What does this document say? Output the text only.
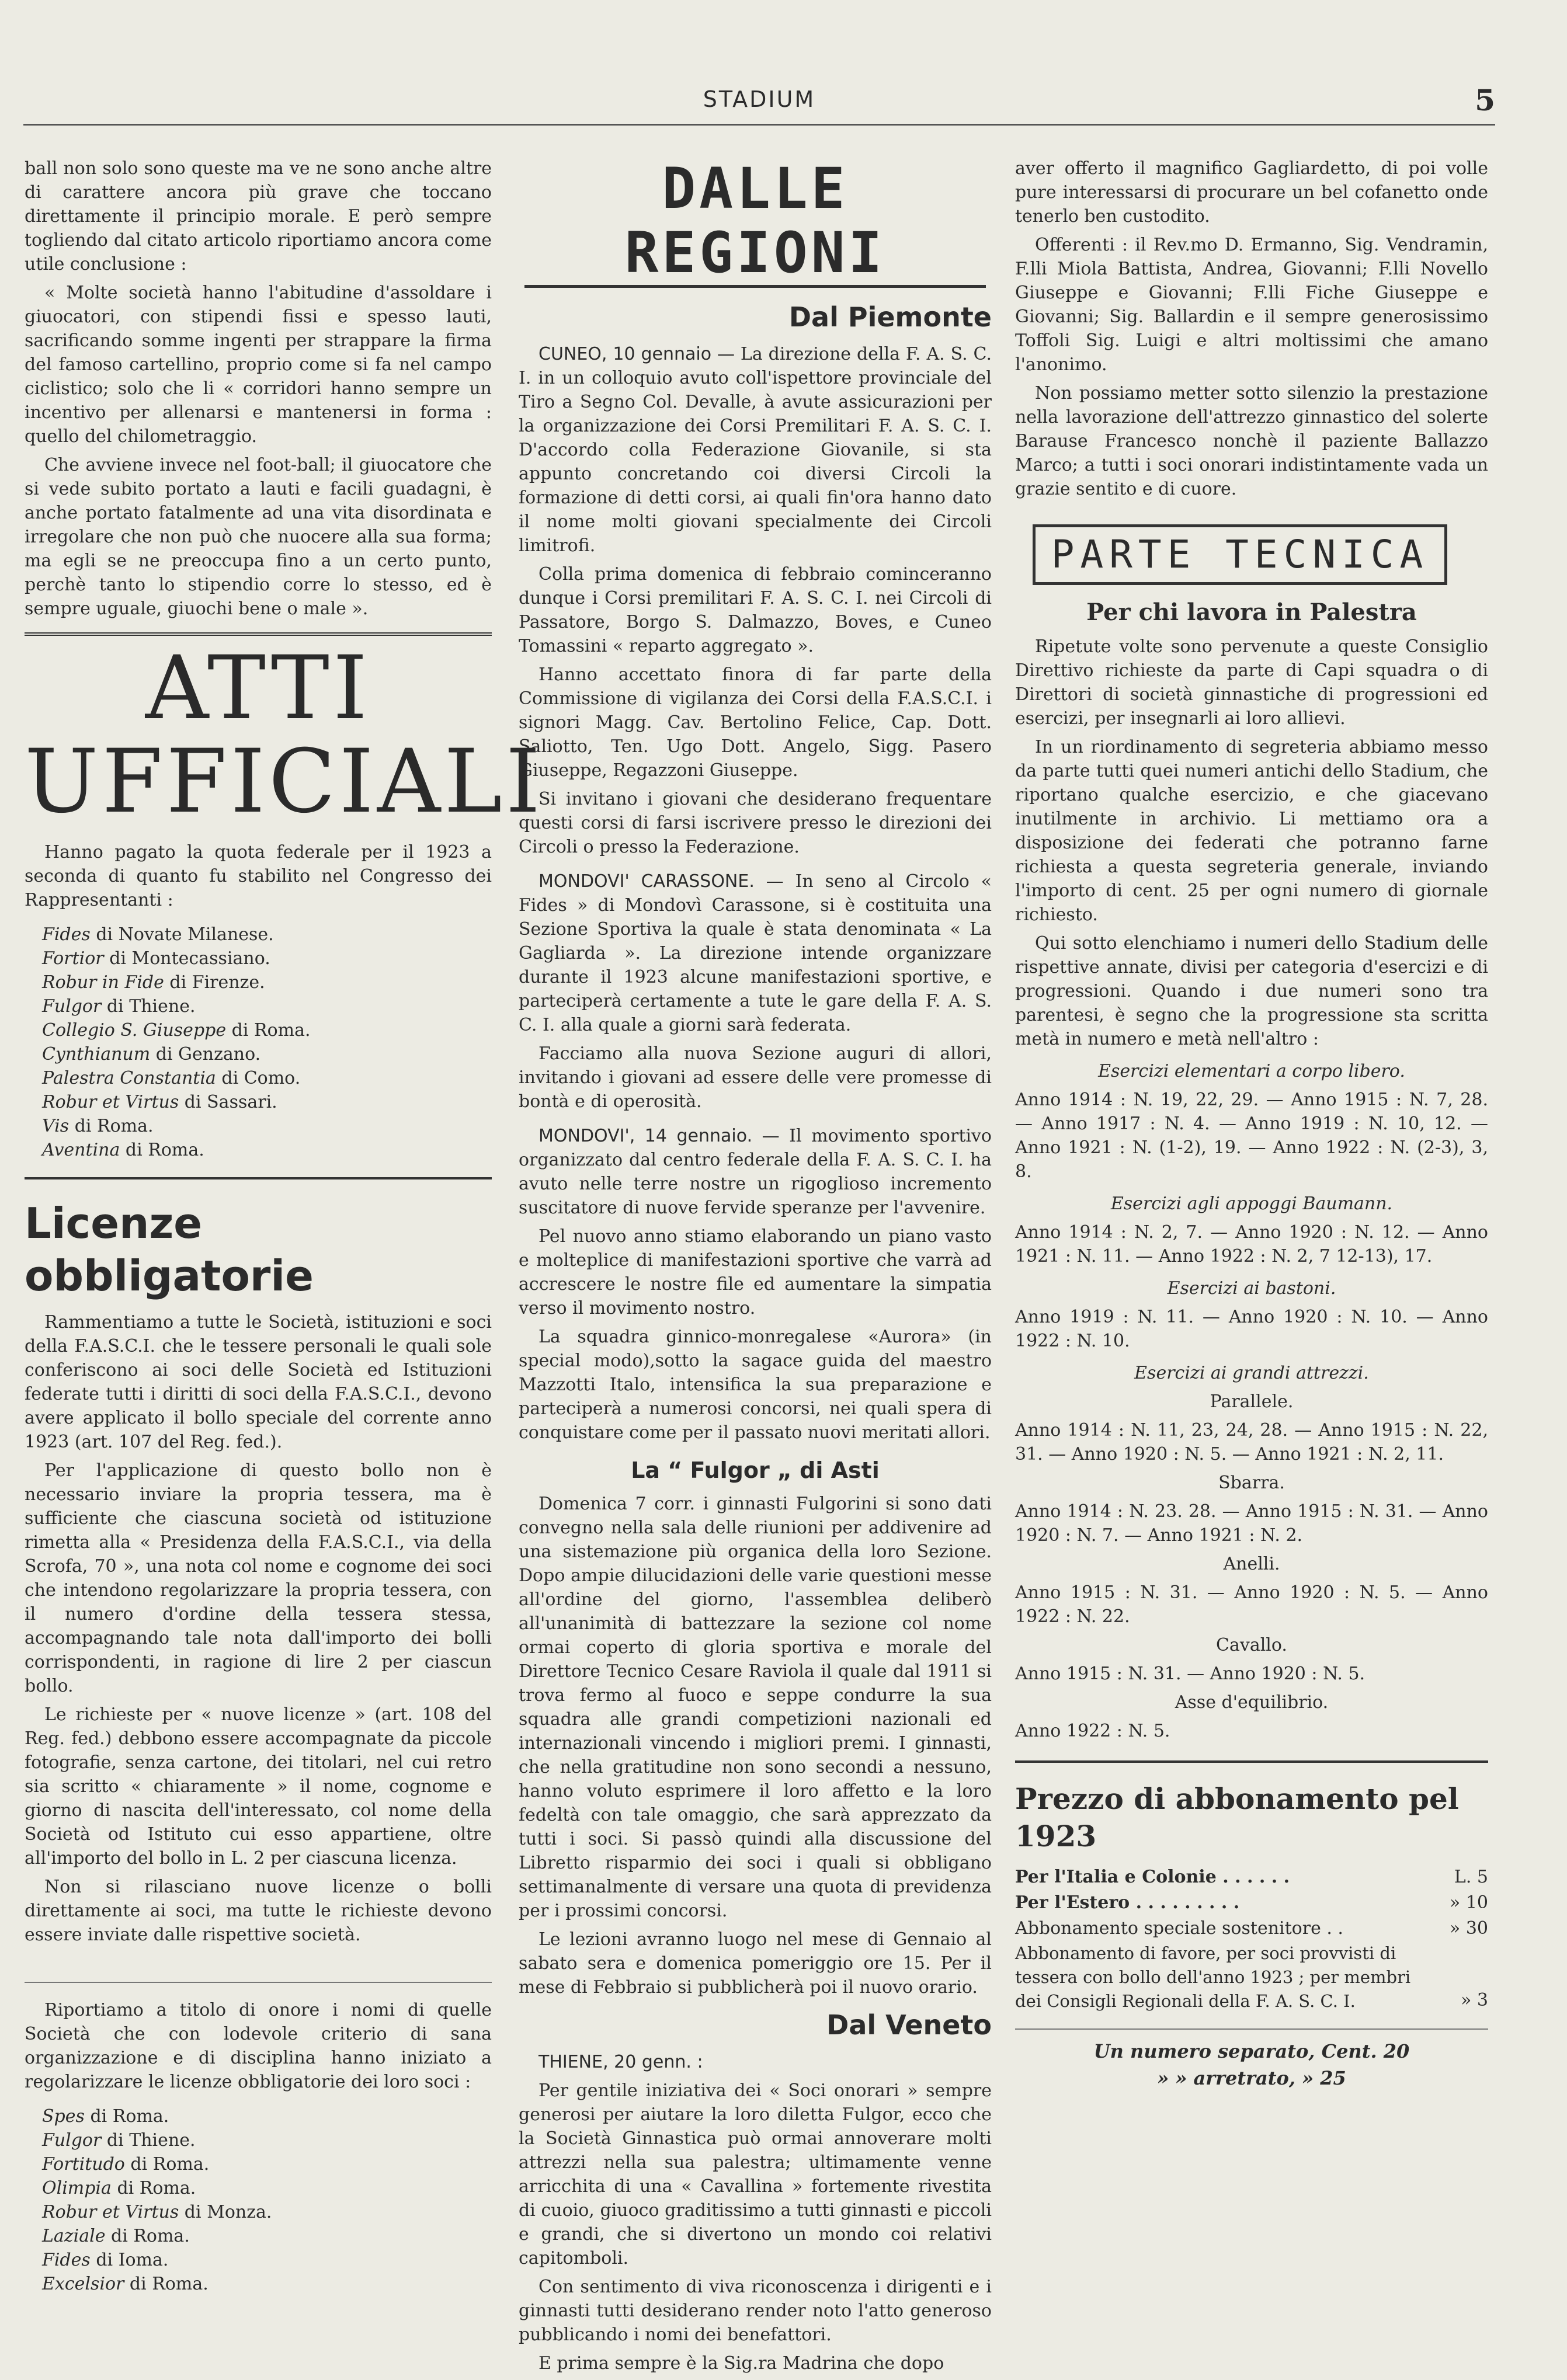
STADIUM	5

ball non solo sono queste ma ve ne sono anche altre di carattere ancora più grave che toccano direttamente il principio morale. E però sempre togliendo dal citato articolo riportiamo ancora come utile conclusione :

« Molte società hanno l'abitudine d'assoldare i giuocatori, con stipendi fissi e spesso lauti, sacrificando somme ingenti per strappare la firma del famoso cartellino, proprio come si fa nel campo ciclistico; solo che li « corridori hanno sempre un incentivo per allenarsi e mantenersi in forma : quello del chilometraggio.

Che avviene invece nel foot-ball; il giuocatore che si vede subito portato a lauti e facili guadagni, è anche portato fatalmente ad una vita disordinata e irregolare che non può che nuocere alla sua forma; ma egli se ne preoccupa fino a un certo punto, perchè tanto lo stipendio corre lo stesso, ed è sempre uguale, giuochi bene o male ».

ATTI UFFICIALI

Hanno pagato la quota federale per il 1923 a seconda di quanto fu stabilito nel Congresso dei Rappresentanti :

Fides di Novate Milanese.
Fortior di Montecassiano.
Robur in Fide di Firenze.
Fulgor di Thiene.
Collegio S. Giuseppe di Roma.
Cynthianum di Genzano.
Palestra Constantia di Como.
Robur et Virtus di Sassari.
Vis di Roma.
Aventina di Roma.
Licenze obbligatorie

Rammentiamo a tutte le Società, istituzioni e soci della F.A.S.C.I. che le tessere personali le quali sole conferiscono ai soci delle Società ed Istituzioni federate tutti i diritti di soci della F.A.S.C.I., devono avere applicato il bollo speciale del corrente anno 1923 (art. 107 del Reg. fed.).

Per l'applicazione di questo bollo non è necessario inviare la propria tessera, ma è sufficiente che ciascuna società od istituzione rimetta alla « Presidenza della F.A.S.C.I., via della Scrofa, 70 », una nota col nome e cognome dei soci che intendono regolarizzare la propria tessera, con il numero d'ordine della tessera stessa, accompagnando tale nota dall'importo dei bolli corrispondenti, in ragione di lire 2 per ciascun bollo.

Le richieste per « nuove licenze » (art. 108 del Reg. fed.) debbono essere accompagnate da piccole fotografie, senza cartone, dei titolari, nel cui retro sia scritto « chiaramente » il nome, cognome e giorno di nascita dell'interessato, col nome della Società od Istituto cui esso appartiene, oltre all'importo del bollo in L. 2 per ciascuna licenza.

Non si rilasciano nuove licenze o bolli direttamente ai soci, ma tutte le richieste devono essere inviate dalle rispettive società.

Riportiamo a titolo di onore i nomi di quelle Società che con lodevole criterio di sana organizzazione e di disciplina hanno iniziato a regolarizzare le licenze obbligatorie dei loro soci :

Spes di Roma.
Fulgor di Thiene.
Fortitudo di Roma.
Olimpia di Roma.
Robur et Virtus di Monza.
Laziale di Roma.
Fides di Ioma.
Excelsior di Roma.
DALLE REGIONI
Dal Piemonte

CUNEO, 10 gennaio — La direzione della F. A. S. C. I. in un colloquio avuto coll'ispettore provinciale del Tiro a Segno Col. Devalle, à avute assicurazioni per la organizzazione dei Corsi Premilitari F. A. S. C. I. D'accordo colla Federazione Giovanile, si sta appunto concretando coi diversi Circoli la formazione di detti corsi, ai quali fin'ora hanno dato il nome molti giovani specialmente dei Circoli limitrofi.

Colla prima domenica di febbraio cominceranno dunque i Corsi premilitari F. A. S. C. I. nei Circoli di Passatore, Borgo S. Dalmazzo, Boves, e Cuneo Tomassini « reparto aggregato ».

Hanno accettato finora di far parte della Commissione di vigilanza dei Corsi della F.A.S.C.I. i signori Magg. Cav. Bertolino Felice, Cap. Dott. Saliotto, Ten. Ugo Dott. Angelo, Sigg. Pasero Giuseppe, Regazzoni Giuseppe.

Si invitano i giovani che desiderano frequentare questi corsi di farsi iscrivere presso le direzioni dei Circoli o presso la Federazione.

MONDOVI' CARASSONE. — In seno al Circolo « Fides » di Mondovì Carassone, si è costituita una Sezione Sportiva la quale è stata denominata « La Gagliarda ». La direzione intende organizzare durante il 1923 alcune manifestazioni sportive, e parteciperà certamente a tute le gare della F. A. S. C. I. alla quale a giorni sarà federata.

Facciamo alla nuova Sezione auguri di allori, invitando i giovani ad essere delle vere promesse di bontà e di operosità.

MONDOVI', 14 gennaio. — Il movimento sportivo organizzato dal centro federale della F. A. S. C. I. ha avuto nelle terre nostre un rigoglioso incremento suscitatore di nuove fervide speranze per l'avvenire.

Pel nuovo anno stiamo elaborando un piano vasto e molteplice di manifestazioni sportive che varrà ad accrescere le nostre file ed aumentare la simpatia verso il movimento nostro.

La squadra ginnico-monregalese «Aurora» (in special modo),sotto la sagace guida del maestro Mazzotti Italo, intensifica la sua preparazione e parteciperà a numerosi concorsi, nei quali spera di conquistare come per il passato nuovi meritati allori.

La “ Fulgor „ di Asti

Domenica 7 corr. i ginnasti Fulgorini si sono dati convegno nella sala delle riunioni per addivenire ad una sistemazione più organica della loro Sezione. Dopo ampie dilucidazioni delle varie questioni messe all'ordine del giorno, l'assemblea deliberò all'unanimità di battezzare la sezione col nome ormai coperto di gloria sportiva e morale del Direttore Tecnico Cesare Raviola il quale dal 1911 si trova fermo al fuoco e seppe condurre la sua squadra alle grandi competizioni nazionali ed internazionali vincendo i migliori premi. I ginnasti, che nella gratitudine non sono secondi a nessuno, hanno voluto esprimere il loro affetto e la loro fedeltà con tale omaggio, che sarà apprezzato da tutti i soci. Si passò quindi alla discussione del Libretto risparmio dei soci i quali si obbligano settimanalmente di versare una quota di previdenza per i prossimi concorsi.

Le lezioni avranno luogo nel mese di Gennaio al sabato sera e domenica pomeriggio ore 15. Per il mese di Febbraio si pubblicherà poi il nuovo orario.

Dal Veneto

THIENE, 20 genn. :

Per gentile iniziativa dei « Soci onorari » sempre generosi per aiutare la loro diletta Fulgor, ecco che la Società Ginnastica può ormai annoverare molti attrezzi nella sua palestra; ultimamente venne arricchita di una « Cavallina » fortemente rivestita di cuoio, giuoco graditissimo a tutti ginnasti e piccoli e grandi, che si divertono un mondo coi relativi capitomboli.

Con sentimento di viva riconoscenza i dirigenti e i ginnasti tutti desiderano render noto l'atto generoso pubblicando i nomi dei benefattori.

E prima sempre è la Sig.ra Madrina che dopo

aver offerto il magnifico Gagliardetto, di poi volle pure interessarsi di procurare un bel cofanetto onde tenerlo ben custodito.

Offerenti : il Rev.mo D. Ermanno, Sig. Vendramin, F.lli Miola Battista, Andrea, Giovanni; F.lli Novello Giuseppe e Giovanni; F.lli Fiche Giuseppe e Giovanni; Sig. Ballardin e il sempre generosissimo Toffoli Sig. Luigi e altri moltissimi che amano l'anonimo.

Non possiamo metter sotto silenzio la prestazione nella lavorazione dell'attrezzo ginnastico del solerte Barause Francesco nonchè il paziente Ballazzo Marco; a tutti i soci onorari indistintamente vada un grazie sentito e di cuore.

PARTE TECNICA
Per chi lavora in Palestra

Ripetute volte sono pervenute a queste Consiglio Direttivo richieste da parte di Capi squadra o di Direttori di società ginnastiche di progressioni ed esercizi, per insegnarli ai loro allievi.

In un riordinamento di segreteria abbiamo messo da parte tutti quei numeri antichi dello Stadium, che riportano qualche esercizio, e che giacevano inutilmente in archivio. Li mettiamo ora a disposizione dei federati che potranno farne richiesta a questa segreteria generale, inviando l'importo di cent. 25 per ogni numero di giornale richiesto.

Qui sotto elenchiamo i numeri dello Stadium delle rispettive annate, divisi per categoria d'esercizi e di progressioni. Quando i due numeri sono tra parentesi, è segno che la progressione sta scritta metà in numero e metà nell'altro :

Esercizi elementari a corpo libero.

Anno 1914 : N. 19, 22, 29. — Anno 1915 : N. 7, 28. — Anno 1917 : N. 4. — Anno 1919 : N. 10, 12. — Anno 1921 : N. (1-2), 19. — Anno 1922 : N. (2-3), 3, 8.

Esercizi agli appoggi Baumann.

Anno 1914 : N. 2, 7. — Anno 1920 : N. 12. — Anno 1921 : N. 11. — Anno 1922 : N. 2, 7 12-13), 17.

Esercizi ai bastoni.

Anno 1919 : N. 11. — Anno 1920 : N. 10. — Anno 1922 : N. 10.

Esercizi ai grandi attrezzi.

Parallele.

Anno 1914 : N. 11, 23, 24, 28. — Anno 1915 : N. 22, 31. — Anno 1920 : N. 5. — Anno 1921 : N. 2, 11.

Sbarra.

Anno 1914 : N. 23. 28. — Anno 1915 : N. 31. — Anno 1920 : N. 7. — Anno 1921 : N. 2.

Anelli.

Anno 1915 : N. 31. — Anno 1920 : N. 5. — Anno 1922 : N. 22.

Cavallo.

Anno 1915 : N. 31. — Anno 1920 : N. 5.

Asse d'equilibrio.

Anno 1922 : N. 5.

Prezzo di abbonamento pel 1923
Per l'Italia e Colonie . . . . . .	L. 5
Per l'Estero . . . . . . . . .	» 10
Abbonamento speciale sostenitore . .	» 30
Abbonamento di favore, per soci provvisti di tessera con bollo dell'anno 1923 ; per membri dei Consigli Regionali della F. A. S. C. I.	» 3
Un numero separato, Cent. 20
» » arretrato, » 25
